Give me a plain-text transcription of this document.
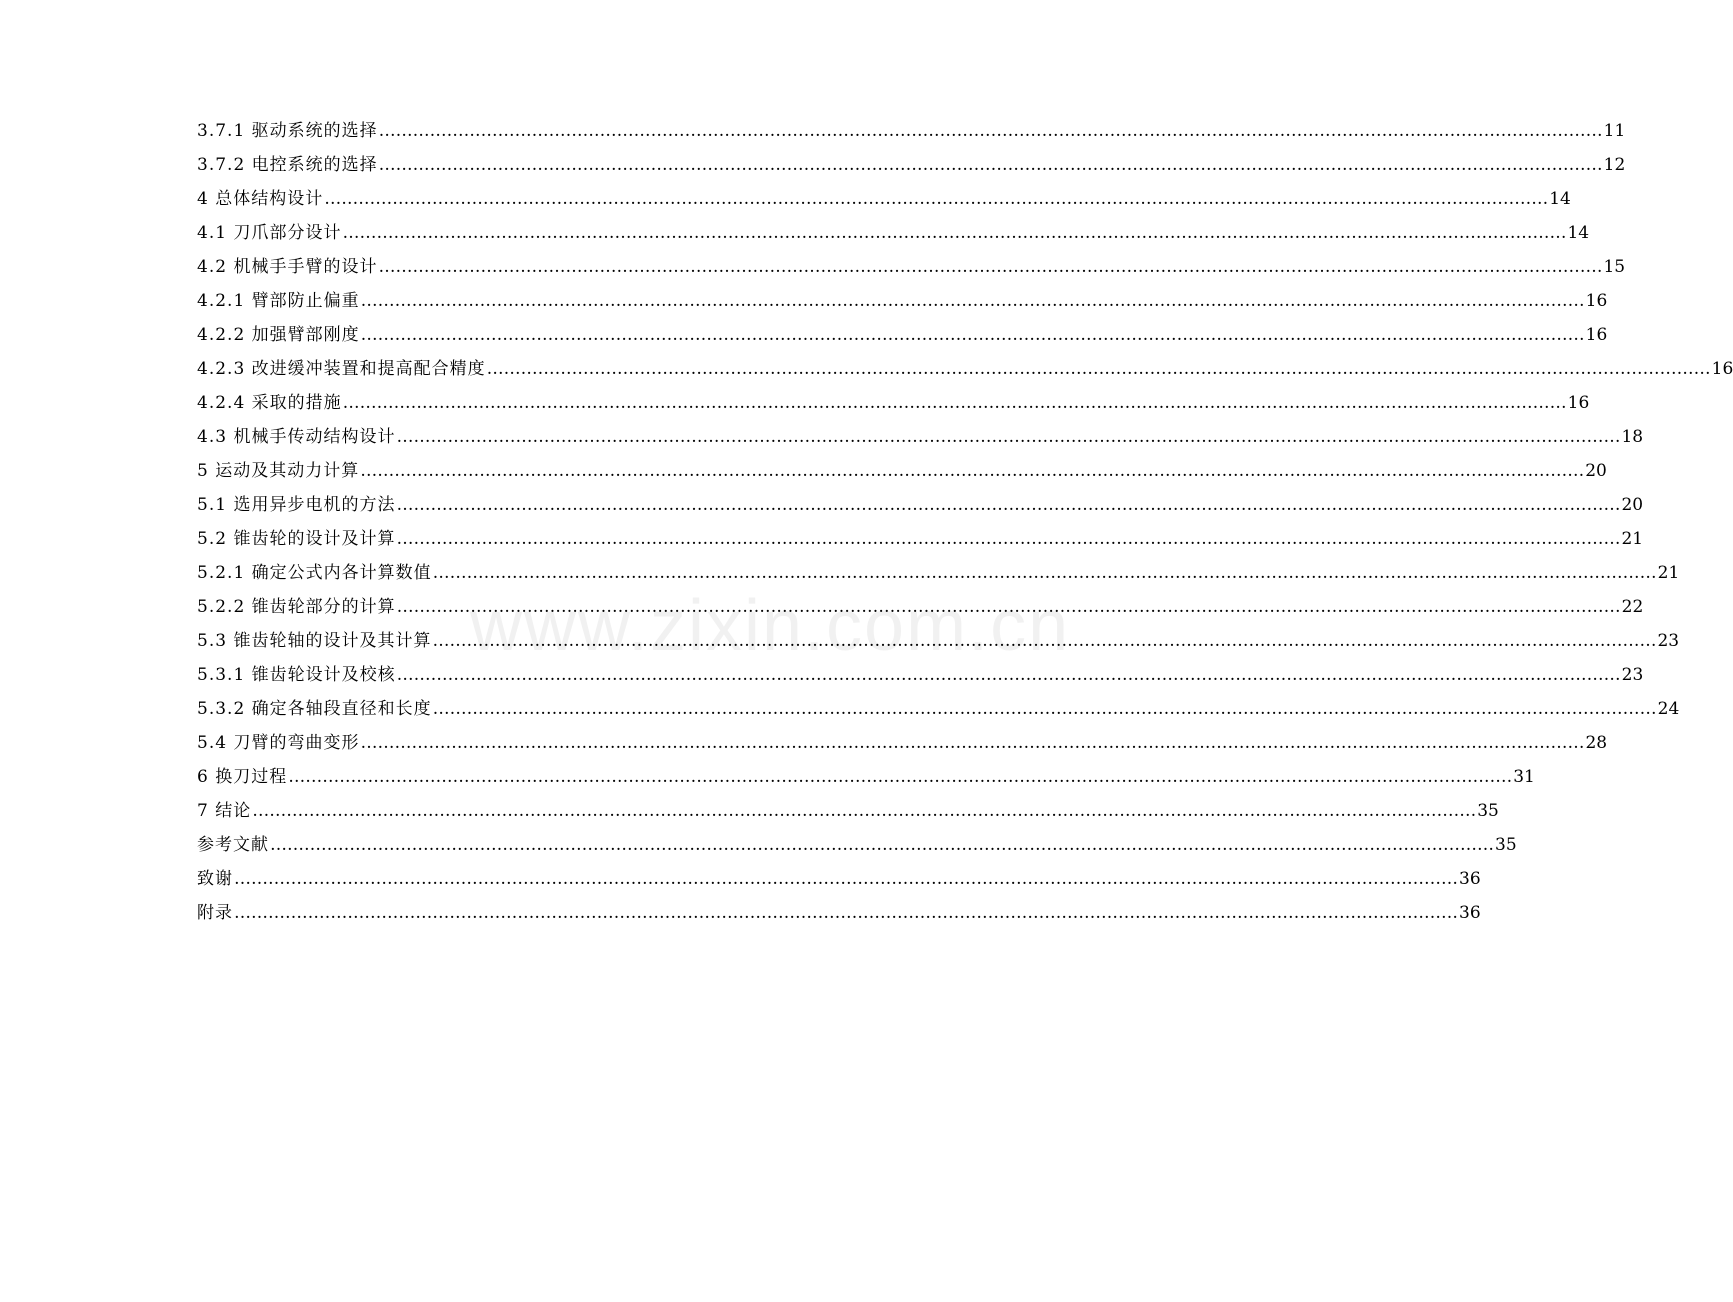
www.zixin.com.cn
3.7.1 驱动系统的选择 ………………………………………………………………………………………………………………………………………………………………………………………………	11
3.7.2 电控系统的选择 ………………………………………………………………………………………………………………………………………………………………………………………………	12
4 总体结构设计 ………………………………………………………………………………………………………………………………………………………………………………………………	14
4.1 刀爪部分设计 ………………………………………………………………………………………………………………………………………………………………………………………………	14
4.2 机械手手臂的设计 ………………………………………………………………………………………………………………………………………………………………………………………………	15
4.2.1 臂部防止偏重 ………………………………………………………………………………………………………………………………………………………………………………………………	16
4.2.2 加强臂部刚度 ………………………………………………………………………………………………………………………………………………………………………………………………	16
4.2.3 改进缓冲装置和提高配合精度 ………………………………………………………………………………………………………………………………………………………………………………………………	16
4.2.4 采取的措施 ………………………………………………………………………………………………………………………………………………………………………………………………	16
4.3 机械手传动结构设计 ………………………………………………………………………………………………………………………………………………………………………………………………	18
5 运动及其动力计算 ………………………………………………………………………………………………………………………………………………………………………………………………	20
5.1 选用异步电机的方法 ………………………………………………………………………………………………………………………………………………………………………………………………	20
5.2 锥齿轮的设计及计算 ………………………………………………………………………………………………………………………………………………………………………………………………	21
5.2.1 确定公式内各计算数值 ………………………………………………………………………………………………………………………………………………………………………………………………	21
5.2.2 锥齿轮部分的计算 ………………………………………………………………………………………………………………………………………………………………………………………………	22
5.3 锥齿轮轴的设计及其计算 ………………………………………………………………………………………………………………………………………………………………………………………………	23
5.3.1 锥齿轮设计及校核 ………………………………………………………………………………………………………………………………………………………………………………………………	23
5.3.2 确定各轴段直径和长度 ………………………………………………………………………………………………………………………………………………………………………………………………	24
5.4 刀臂的弯曲变形 ………………………………………………………………………………………………………………………………………………………………………………………………	28
6 换刀过程 ………………………………………………………………………………………………………………………………………………………………………………………………	31
7 结论 ………………………………………………………………………………………………………………………………………………………………………………………………	35
参考文献 ………………………………………………………………………………………………………………………………………………………………………………………………	35
致谢 ………………………………………………………………………………………………………………………………………………………………………………………………	36
附录 ………………………………………………………………………………………………………………………………………………………………………………………………	36
